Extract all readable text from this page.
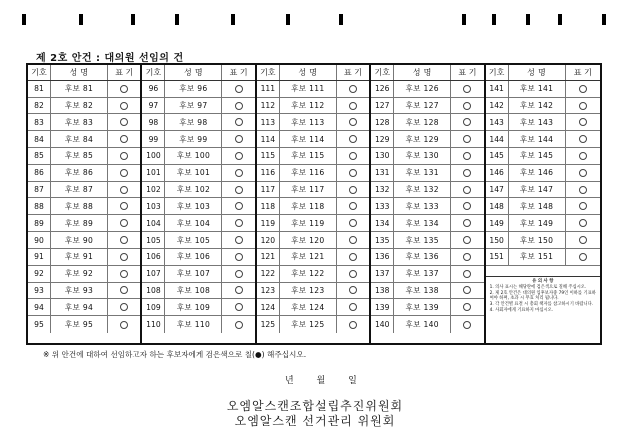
제 2호 안건 : 대의원 선임의 건
기호	성 명	표 기
81	후보 81
82	후보 82
83	후보 83
84	후보 84
85	후보 85
86	후보 86
87	후보 87
88	후보 88
89	후보 89
90	후보 90
91	후보 91
92	후보 92
93	후보 93
94	후보 94
95	후보 95
기호	성 명	표 기
96	후보 96
97	후보 97
98	후보 98
99	후보 99
100	후보 100
101	후보 101
102	후보 102
103	후보 103
104	후보 104
105	후보 105
106	후보 106
107	후보 107
108	후보 108
109	후보 109
110	후보 110
기호	성 명	표 기
111	후보 111
112	후보 112
113	후보 113
114	후보 114
115	후보 115
116	후보 116
117	후보 117
118	후보 118
119	후보 119
120	후보 120
121	후보 121
122	후보 122
123	후보 123
124	후보 124
125	후보 125
기호	성 명	표 기
126	후보 126
127	후보 127
128	후보 128
129	후보 129
130	후보 130
131	후보 131
132	후보 132
133	후보 133
134	후보 134
135	후보 135
136	후보 136
137	후보 137
138	후보 138
139	후보 139
140	후보 140
기호	성 명	표 기
141	후보 141
142	후보 142
143	후보 143
144	후보 144
145	후보 145
146	후보 146
147	후보 147
148	후보 148
149	후보 149
150	후보 150
151	후보 151
유 의 사 항

1. 의사 표시는 해당란에 검은색으로 칠해 주십시오.

2. 제 2호 안건은 대의원 입후보자중 79인 이하를 기표하여야 하며, 초과 시 무효 처리 됩니다.

3. 각 안건별 표결 시 총회 책자를 참고하시기 바랍니다.

4. 사회자에게 기표하지 마십시오.

※ 위 안건에 대하여 선임하고자 하는 후보자에게 검은색으로 칠(●) 해주십시오.
년 월 일
오엠알스캔조합설립추진위원회
오엠알스캔 선거관리 위원회
